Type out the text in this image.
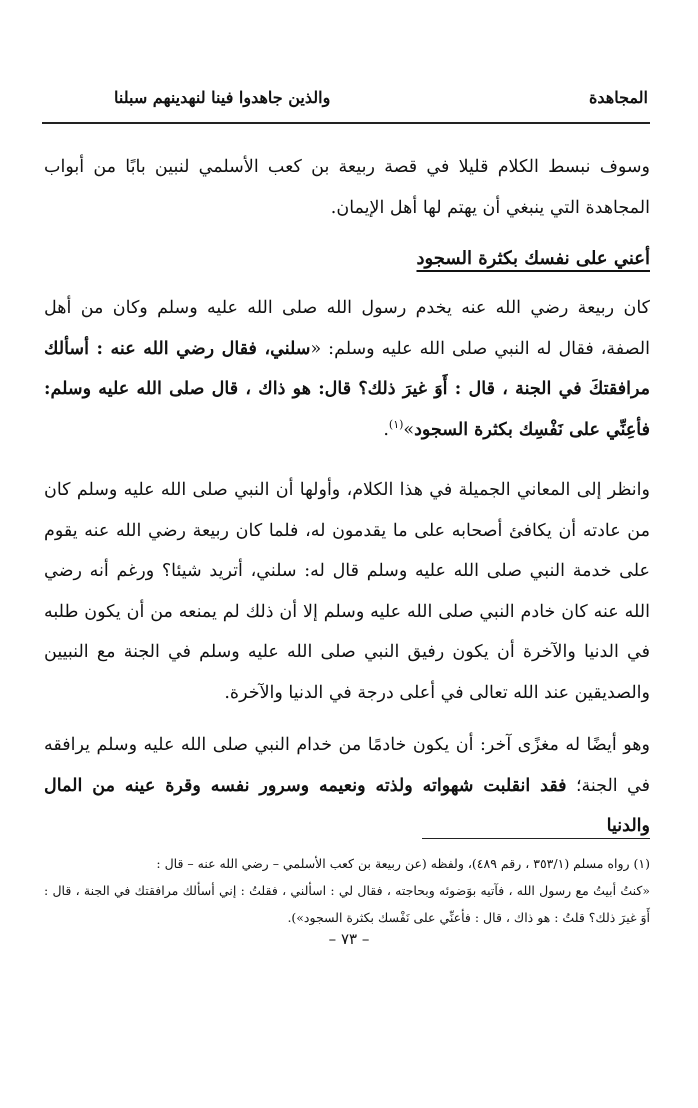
المجاهدة
والذين جاهدوا فينا لنهدينهم سبلنا

وسوف نبسط الكلام قليلا في قصة ربيعة بن كعب الأسلمي لنبين بابًا من أبواب المجاهدة التي ينبغي أن يهتم لها أهل الإيمان.

أعني على نفسك بكثرة السجود

كان ربيعة رضي الله عنه يخدم رسول الله صلى الله عليه وسلم وكان من أهل الصفة، فقال له النبي صلى الله عليه وسلم: «سلني، فقال رضي الله عنه : أسألك مرافقتكَ في الجنة ، قال : أَوَ غيرَ ذلك؟ قال: هو ذاك ، قال صلى الله عليه وسلم: فأعِنِّي على نَفْسِك بكثرة السجود»$^{(١)}$.

وانظر إلى المعاني الجميلة في هذا الكلام، وأولها أن النبي صلى الله عليه وسلم كان من عادته أن يكافئ أصحابه على ما يقدمون له، فلما كان ربيعة رضي الله عنه يقوم على خدمة النبي صلى الله عليه وسلم قال له: سلني، أتريد شيئا؟ ورغم أنه رضي الله عنه كان خادم النبي صلى الله عليه وسلم إلا أن ذلك لم يمنعه من أن يكون طلبه في الدنيا والآخرة أن يكون رفيق النبي صلى الله عليه وسلم في الجنة مع النبيين والصديقين عند الله تعالى في أعلى درجة في الدنيا والآخرة.

وهو أيضًا له مغزًى آخر: أن يكون خادمًا من خدام النبي صلى الله عليه وسلم يرافقه في الجنة؛ فقد انقلبت شهواته ولذته ونعيمه وسرور نفسه وقرة عينه من المال والدنيا

(١) رواه مسلم (٣٥٣/١ ، رقم ٤٨٩)، ولفظه (عن ربيعة بن كعب الأسلمي – رضي الله عنه – قال :

«كنتُ أبيتُ مع رسول الله ، فآتيه بوَضوئه وبحاجته ، فقال لي : اسألني ، فقلتُ : إني أسألك مرافقتك في الجنة ، قال : أَوَ غيرَ ذلك؟ قلتُ : هو ذاك ، قال : فأعنِّي على نَفْسك بكثرة السجود»).

– ٧٣ –
